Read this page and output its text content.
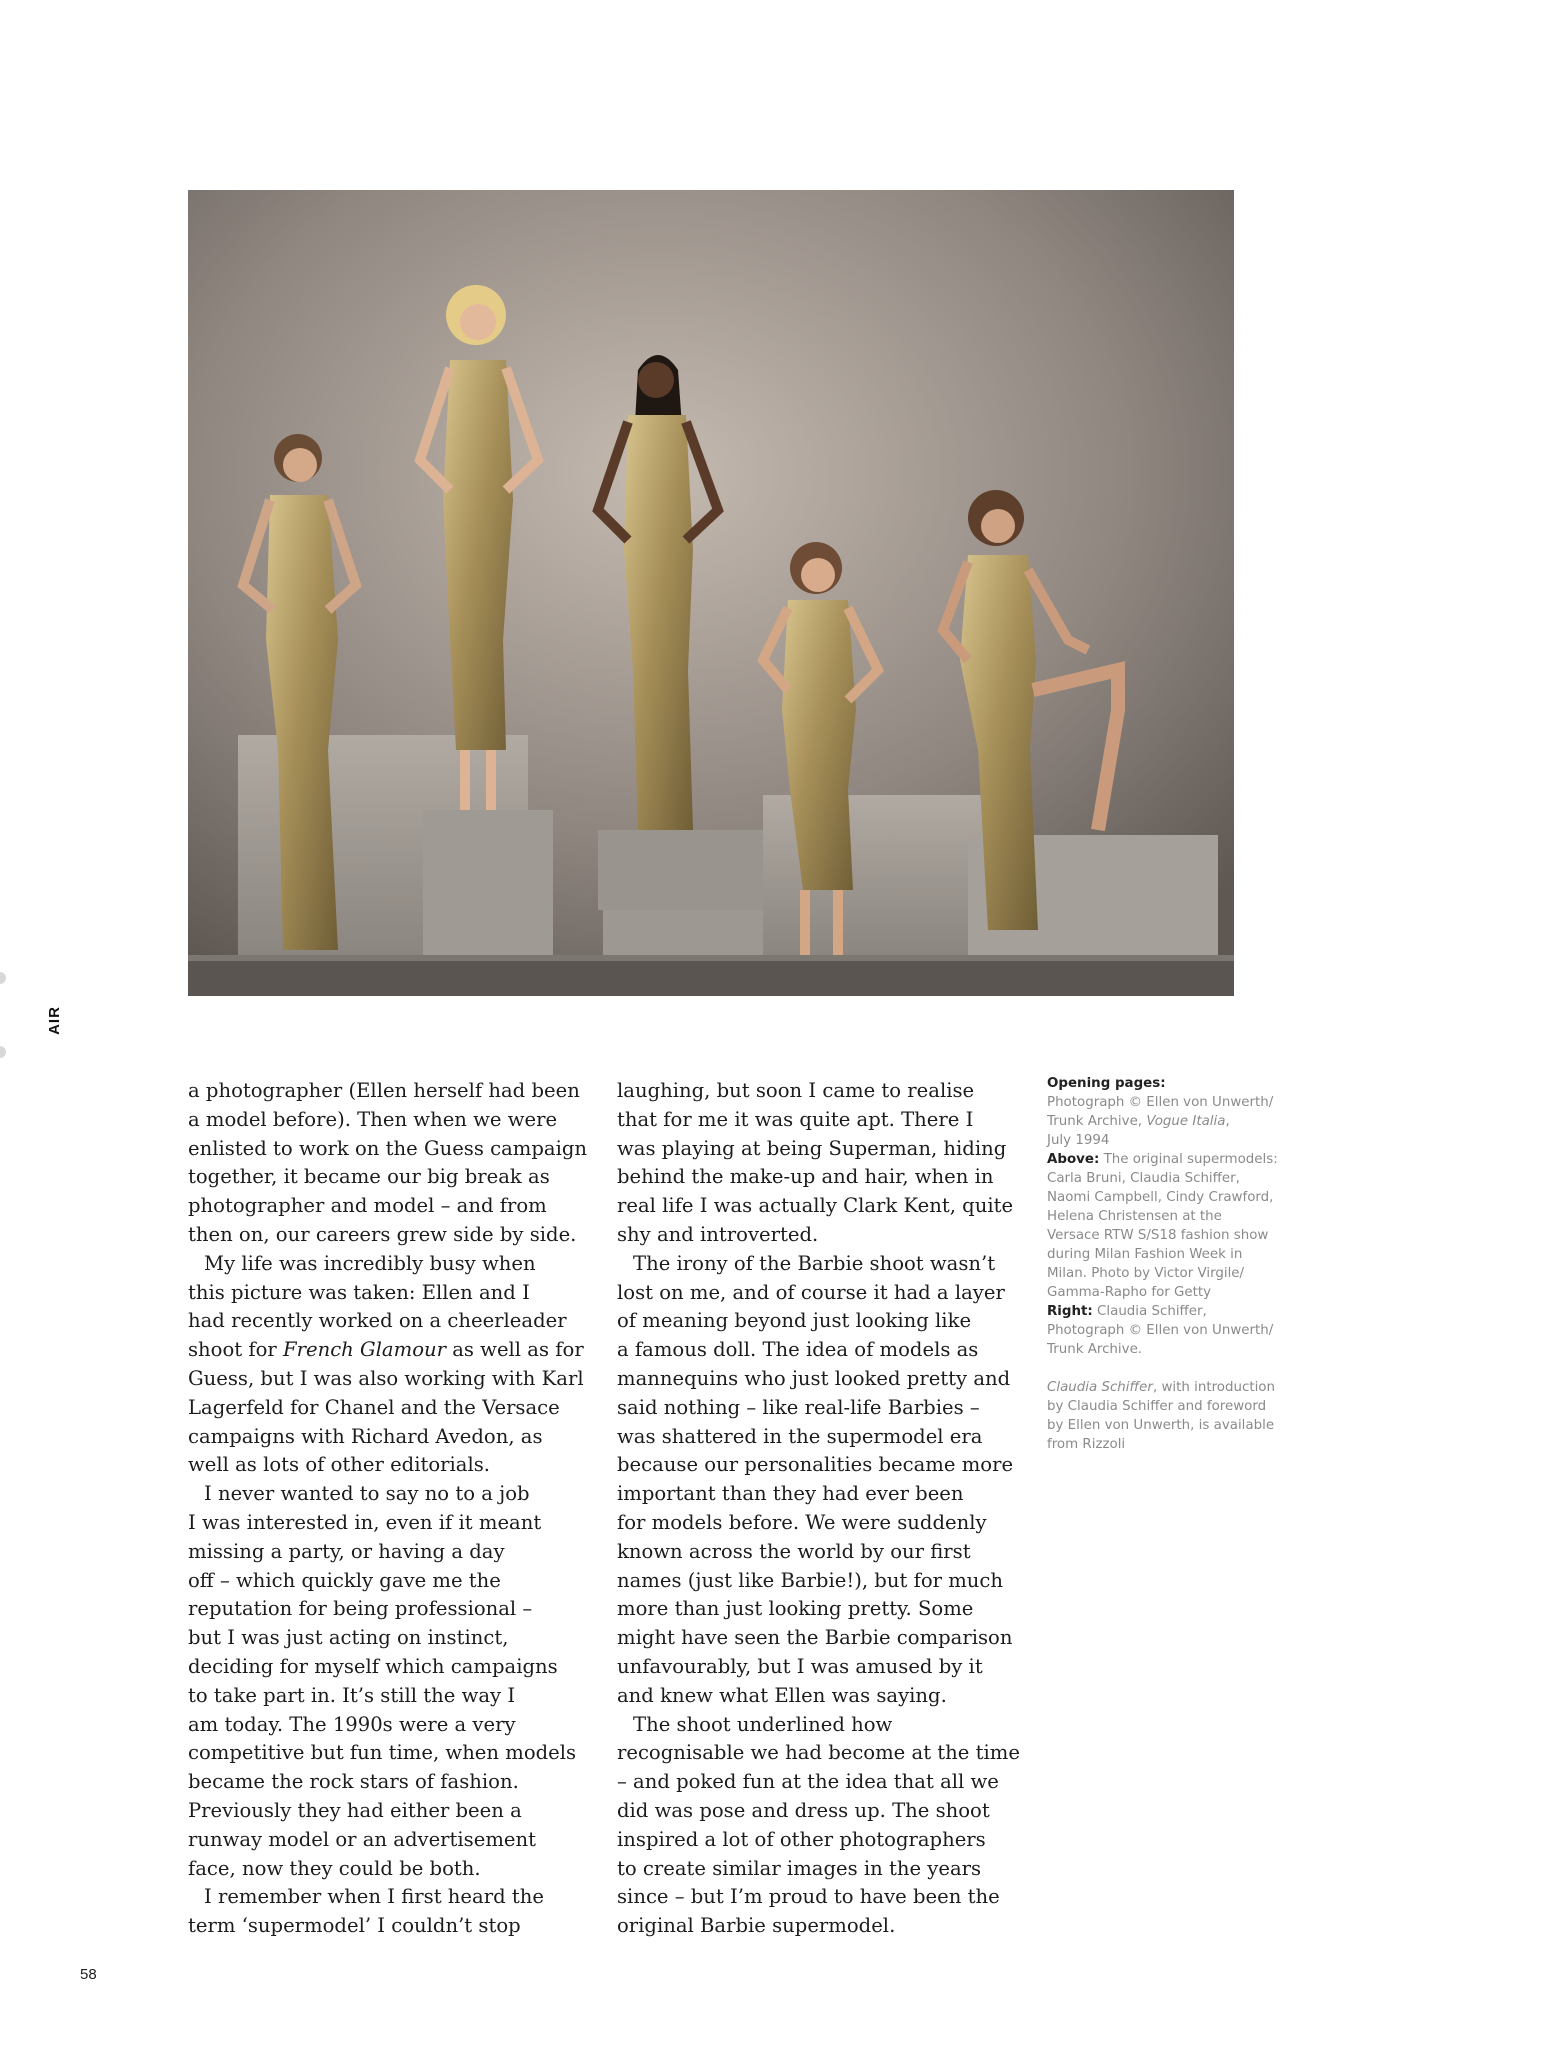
AIR
a photographer (Ellen herself had been
a model before). Then when we were
enlisted to work on the Guess campaign
together, it became our big break as
photographer and model – and from
then on, our careers grew side by side.
My life was incredibly busy when
this picture was taken: Ellen and I
had recently worked on a cheerleader
shoot for French Glamour as well as for
Guess, but I was also working with Karl
Lagerfeld for Chanel and the Versace
campaigns with Richard Avedon, as
well as lots of other editorials.
I never wanted to say no to a job
I was interested in, even if it meant
missing a party, or having a day
off – which quickly gave me the
reputation for being professional –
but I was just acting on instinct,
deciding for myself which campaigns
to take part in. It’s still the way I
am today. The 1990s were a very
competitive but fun time, when models
became the rock stars of fashion.
Previously they had either been a
runway model or an advertisement
face, now they could be both.
I remember when I first heard the
term ‘supermodel’ I couldn’t stop
laughing, but soon I came to realise
that for me it was quite apt. There I
was playing at being Superman, hiding
behind the make-up and hair, when in
real life I was actually Clark Kent, quite
shy and introverted.
The irony of the Barbie shoot wasn’t
lost on me, and of course it had a layer
of meaning beyond just looking like
a famous doll. The idea of models as
mannequins who just looked pretty and
said nothing – like real-life Barbies –
was shattered in the supermodel era
because our personalities became more
important than they had ever been
for models before. We were suddenly
known across the world by our first
names (just like Barbie!), but for much
more than just looking pretty. Some
might have seen the Barbie comparison
unfavourably, but I was amused by it
and knew what Ellen was saying.
The shoot underlined how
recognisable we had become at the time
– and poked fun at the idea that all we
did was pose and dress up. The shoot
inspired a lot of other photographers
to create similar images in the years
since – but I’m proud to have been the
original Barbie supermodel.
Opening pages:
Photograph © Ellen von Unwerth/
Trunk Archive, Vogue Italia,
July 1994
Above: The original supermodels:
Carla Bruni, Claudia Schiffer,
Naomi Campbell, Cindy Crawford,
Helena Christensen at the
Versace RTW S/S18 fashion show
during Milan Fashion Week in
Milan. Photo by Victor Virgile/
Gamma-Rapho for Getty
Right: Claudia Schiffer,
Photograph © Ellen von Unwerth/
Trunk Archive.
Claudia Schiffer, with introduction
by Claudia Schiffer and foreword
by Ellen von Unwerth, is available
from Rizzoli
58
